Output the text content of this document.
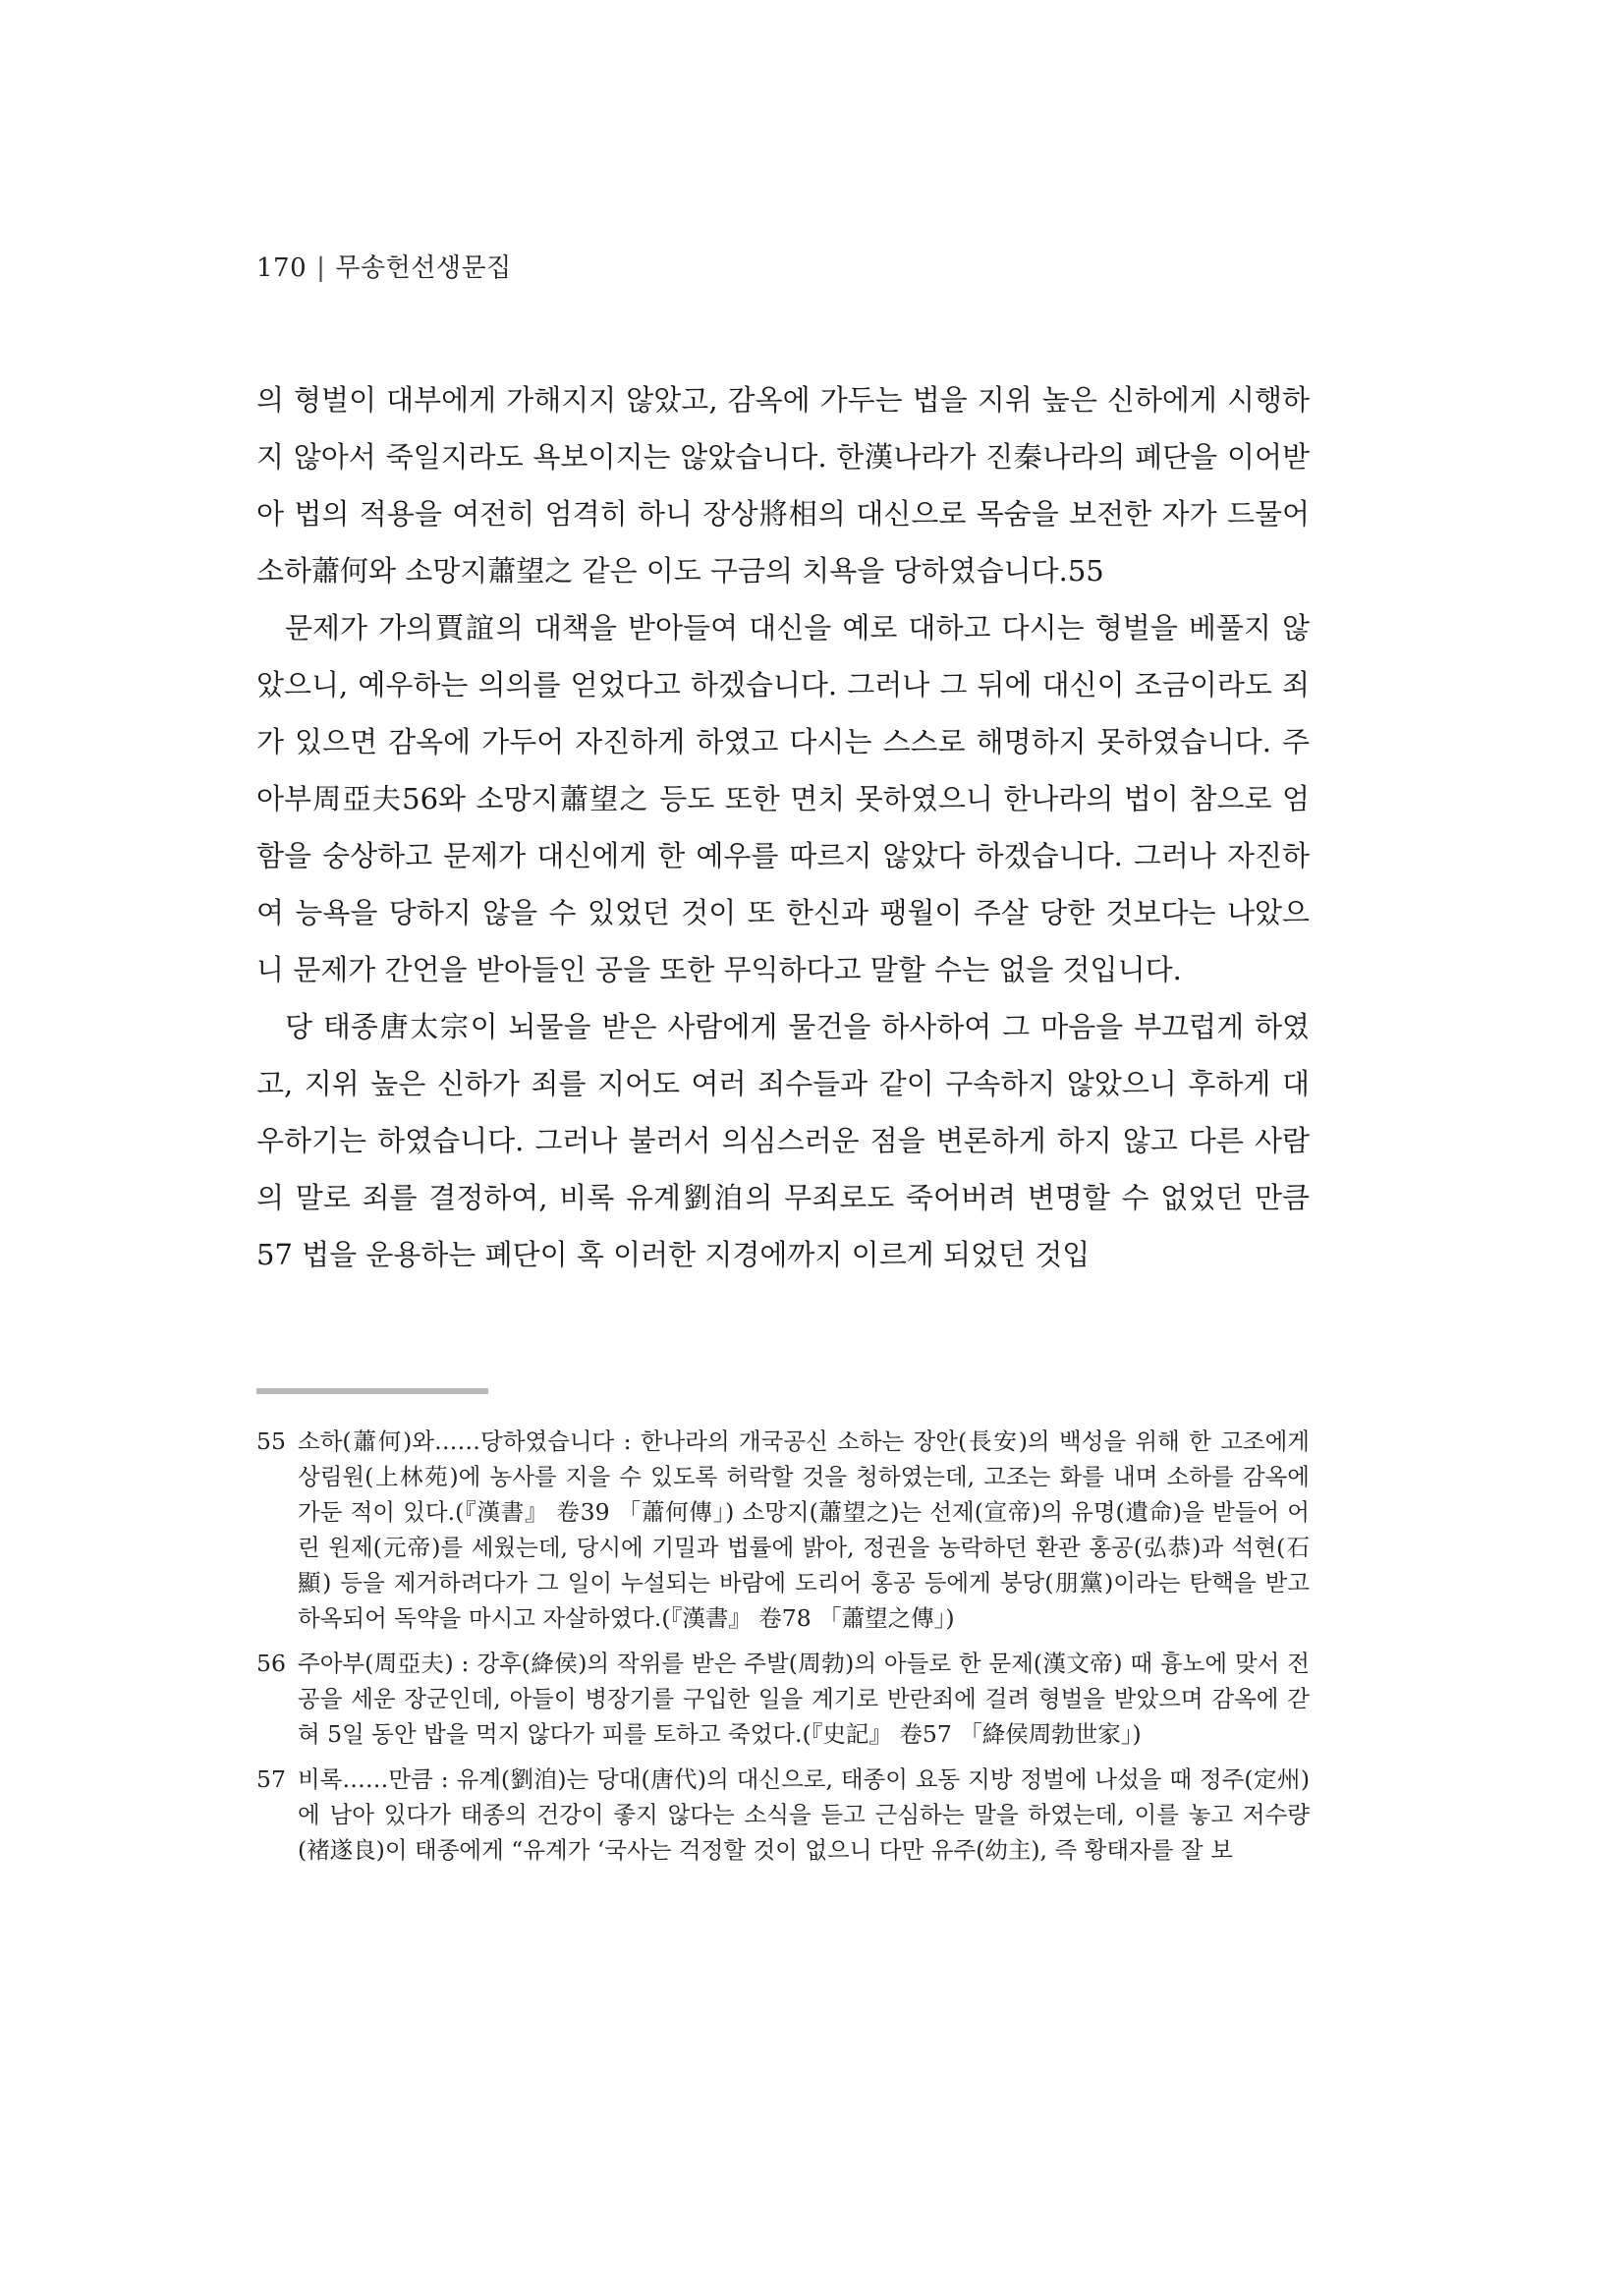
170 | 무송헌선생문집

의 형벌이 대부에게 가해지지 않았고, 감옥에 가두는 법을 지위 높은 신하에게 시행하지 않아서 죽일지라도 욕보이지는 않았습니다. 한漢나라가 진秦나라의 폐단을 이어받아 법의 적용을 여전히 엄격히 하니 장상將相의 대신으로 목숨을 보전한 자가 드물어 소하蕭何와 소망지蕭望之 같은 이도 구금의 치욕을 당하였습니다.55

문제가 가의賈誼의 대책을 받아들여 대신을 예로 대하고 다시는 형벌을 베풀지 않았으니, 예우하는 의의를 얻었다고 하겠습니다. 그러나 그 뒤에 대신이 조금이라도 죄가 있으면 감옥에 가두어 자진하게 하였고 다시는 스스로 해명하지 못하였습니다. 주아부周亞夫56와 소망지蕭望之 등도 또한 면치 못하였으니 한나라의 법이 참으로 엄함을 숭상하고 문제가 대신에게 한 예우를 따르지 않았다 하겠습니다. 그러나 자진하여 능욕을 당하지 않을 수 있었던 것이 또 한신과 팽월이 주살 당한 것보다는 나았으니 문제가 간언을 받아들인 공을 또한 무익하다고 말할 수는 없을 것입니다.

당 태종唐太宗이 뇌물을 받은 사람에게 물건을 하사하여 그 마음을 부끄럽게 하였고, 지위 높은 신하가 죄를 지어도 여러 죄수들과 같이 구속하지 않았으니 후하게 대우하기는 하였습니다. 그러나 불러서 의심스러운 점을 변론하게 하지 않고 다른 사람의 말로 죄를 결정하여, 비록 유계劉洎의 무죄로도 죽어버려 변명할 수 없었던 만큼57 법을 운용하는 폐단이 혹 이러한 지경에까지 이르게 되었던 것입

55 소하(蕭何)와……당하였습니다 : 한나라의 개국공신 소하는 장안(長安)의 백성을 위해 한 고조에게 상림원(上林苑)에 농사를 지을 수 있도록 허락할 것을 청하였는데, 고조는 화를 내며 소하를 감옥에 가둔 적이 있다.(『漢書』 卷39 「蕭何傳」) 소망지(蕭望之)는 선제(宣帝)의 유명(遺命)을 받들어 어린 원제(元帝)를 세웠는데, 당시에 기밀과 법률에 밝아, 정권을 농락하던 환관 홍공(弘恭)과 석현(石顯) 등을 제거하려다가 그 일이 누설되는 바람에 도리어 홍공 등에게 붕당(朋黨)이라는 탄핵을 받고 하옥되어 독약을 마시고 자살하였다.(『漢書』 卷78 「蕭望之傳」)
56 주아부(周亞夫) : 강후(絳侯)의 작위를 받은 주발(周勃)의 아들로 한 문제(漢文帝) 때 흉노에 맞서 전공을 세운 장군인데, 아들이 병장기를 구입한 일을 계기로 반란죄에 걸려 형벌을 받았으며 감옥에 갇혀 5일 동안 밥을 먹지 않다가 피를 토하고 죽었다.(『史記』 卷57 「絳侯周勃世家」)
57 비록……만큼 : 유계(劉洎)는 당대(唐代)의 대신으로, 태종이 요동 지방 정벌에 나섰을 때 정주(定州)에 남아 있다가 태종의 건강이 좋지 않다는 소식을 듣고 근심하는 말을 하였는데, 이를 놓고 저수량(褚遂良)이 태종에게 “유계가 ‘국사는 걱정할 것이 없으니 다만 유주(幼主), 즉 황태자를 잘 보
